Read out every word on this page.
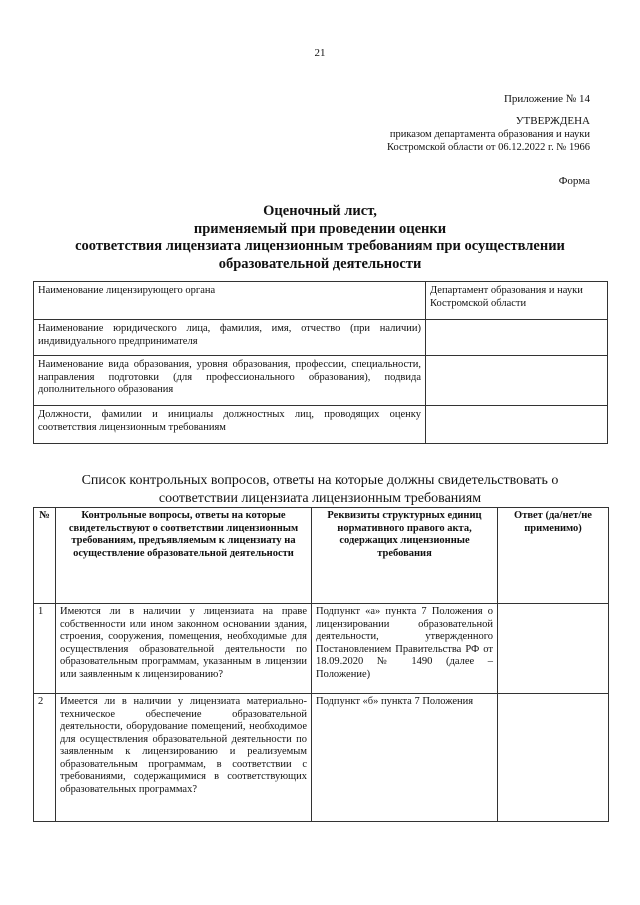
21
Приложение № 14
УТВЕРЖДЕНА
приказом департамента образования и науки
Костромской области от 06.12.2022 г. № 1966
Форма
Оценочный лист,
применяемый при проведении оценки
соответствия лицензиата лицензионным требованиям при осуществлении
образовательной деятельности
Наименование лицензирующего органа	Департамент образования и науки Костромской области
Наименование юридического лица, фамилия, имя, отчество (при наличии) индивидуального предпринимателя	
Наименование вида образования, уровня образования, профессии, специальности, направления подготовки (для профессионального образования), подвида дополнительного образования	
Должности, фамилии и инициалы должностных лиц, проводящих оценку соответствия лицензионным требованиям	
Список контрольных вопросов, ответы на которые должны свидетельствовать о
соответствии лицензиата лицензионным требованиям
№	Контрольные вопросы, ответы на которые свидетельствуют о соответствии лицензионным требованиям, предъявляемым к лицензиату на осуществление образовательной деятельности	Реквизиты структурных единиц нормативного правого акта, содержащих лицензионные требования	Ответ (да/нет/не применимо)
1	Имеются ли в наличии у лицензиата на праве собственности или ином законном основании здания, строения, сооружения, помещения, необходимые для осуществления образовательной деятельности по образовательным программам, указанным в лицензии или заявленным к лицензированию?	Подпункт «а» пункта 7 Положения о лицензировании образовательной деятельности, утвержденного Постановлением Правительства РФ от 18.09.2020 № 1490 (далее – Положение)	
2	Имеется ли в наличии у лицензиата материально-техническое обеспечение образовательной деятельности, оборудование помещений, необходимое для осуществления образовательной деятельности по заявленным к лицензированию и реализуемым образовательным программам, в соответствии с требованиями, содержащимися в соответствующих образовательных программах?	Подпункт «б» пункта 7 Положения	
